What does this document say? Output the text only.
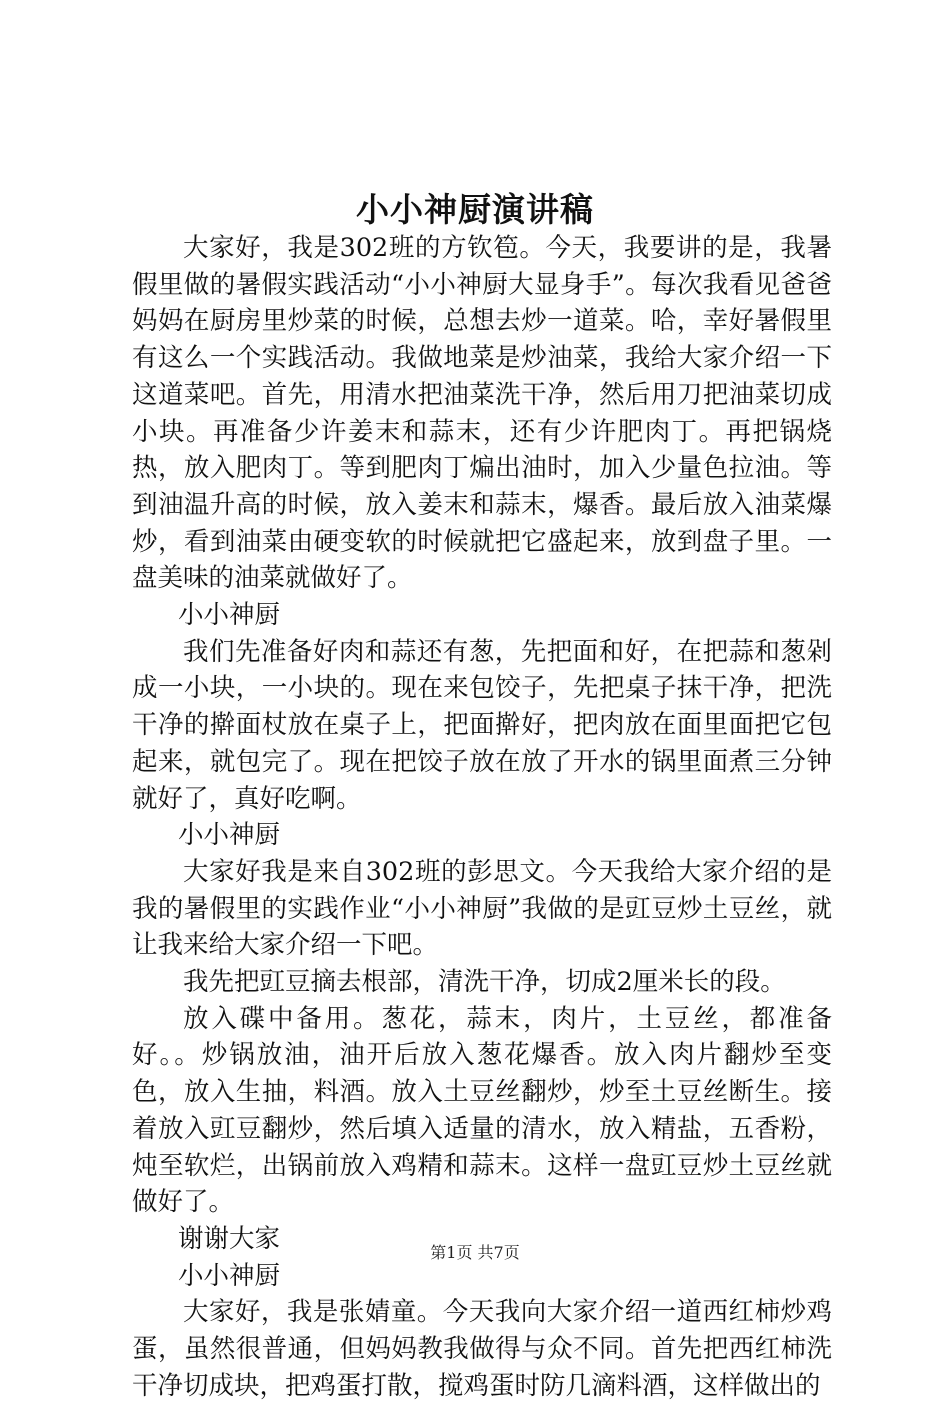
小小神厨演讲稿

大家好，我是302班的方钦笣。今天，我要讲的是，我暑假里做的暑假实践活动“小小神厨大显身手”。每次我看见爸爸妈妈在厨房里炒菜的时候，总想去炒一道菜。哈，幸好暑假里有这么一个实践活动。我做地菜是炒油菜，我给大家介绍一下这道菜吧。首先，用清水把油菜洗干净，然后用刀把油菜切成小块。再准备少许姜末和蒜末，还有少许肥肉丁。再把锅烧热，放入肥肉丁。等到肥肉丁煸出油时，加入少量色拉油。等到油温升高的时候，放入姜末和蒜末，爆香。最后放入油菜爆炒，看到油菜由硬变软的时候就把它盛起来，放到盘子里。一盘美味的油菜就做好了。

小小神厨

我们先准备好肉和蒜还有葱，先把面和好，在把蒜和葱剁成一小块，一小块的。现在来包饺子，先把桌子抹干净，把洗干净的擀面杖放在桌子上，把面擀好，把肉放在面里面把它包起来，就包完了。现在把饺子放在放了开水的锅里面煮三分钟就好了，真好吃啊。

小小神厨

大家好我是来自302班的彭思文。今天我给大家介绍的是我的暑假里的实践作业“小小神厨”我做的是豇豆炒土豆丝，就让我来给大家介绍一下吧。

我先把豇豆摘去根部，清洗干净，切成2厘米长的段。

放入碟中备用。葱花，蒜末，肉片，土豆丝，都准备好。。炒锅放油，油开后放入葱花爆香。放入肉片翻炒至变色，放入生抽，料酒。放入土豆丝翻炒，炒至土豆丝断生。接着放入豇豆翻炒，然后填入适量的清水，放入精盐，五香粉，炖至软烂，出锅前放入鸡精和蒜末。这样一盘豇豆炒土豆丝就做好了。

谢谢大家

小小神厨

大家好，我是张婧童。今天我向大家介绍一道西红柿炒鸡蛋，虽然很普通，但妈妈教我做得与众不同。首先把西红柿洗干净切成块，把鸡蛋打散，搅鸡蛋时防几滴料酒，这样做出的

第1页 共7页
